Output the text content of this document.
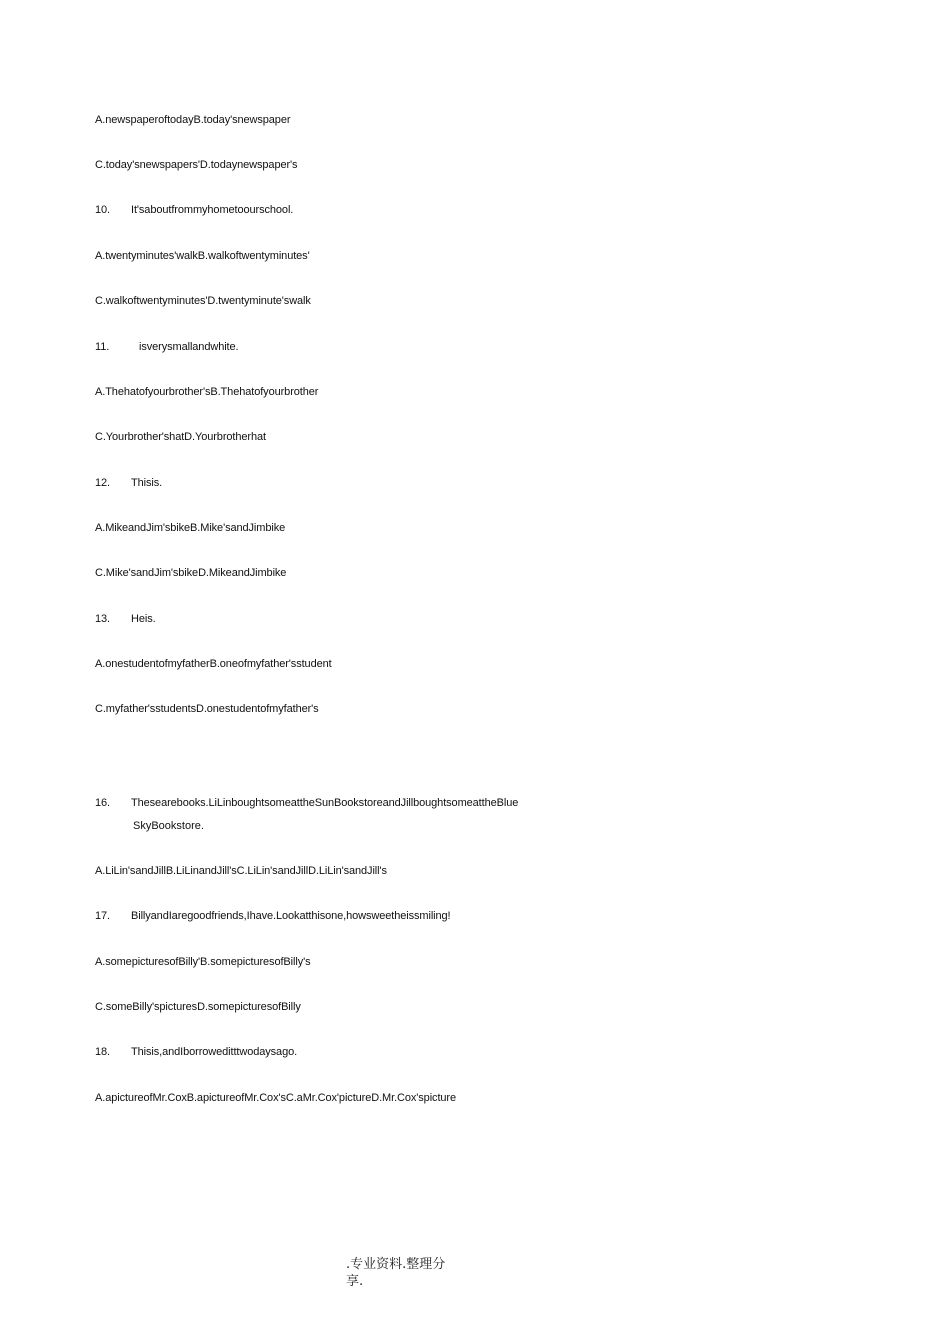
A.newspaperoftodayB.today'snewspaper
C.today'snewspapers'D.todaynewspaper's
10. It'saboutfrommyhometoourschool.
A.twentyminutes'walkB.walkoftwentyminutes'
C.walkoftwentyminutes'D.twentyminute'swalk
11.	isverysmallandwhite.
A.Thehatofyourbrother'sB.Thehatofyourbrother
C.Yourbrother'shatD.Yourbrotherhat
12. Thisis.
A.MikeandJim'sbikeB.Mike'sandJimbike
C.Mike'sandJim'sbikeD.MikeandJimbike
13. Heis.
A.onestudentofmyfatherB.oneofmyfather'sstudent
C.myfather'sstudentsD.onestudentofmyfather's
16. Thesearebooks.LiLinboughtsomeattheSunBookstoreandJillboughtsomeattheBlue
SkyBookstore.
A.LiLin'sandJillB.LiLinandJill'sC.LiLin'sandJillD.LiLin'sandJill's
17. BillyandIaregoodfriends,Ihave.Lookatthisone,howsweetheissmiling!
A.somepicturesofBilly'B.somepicturesofBilly's
C.someBilly'spicturesD.somepicturesofBilly
18. Thisis,andIborroweditttwodaysago.
A.apictureofMr.CoxB.apictureofMr.Cox'sC.aMr.Cox'pictureD.Mr.Cox'spicture
.专业资料.整理分享.
